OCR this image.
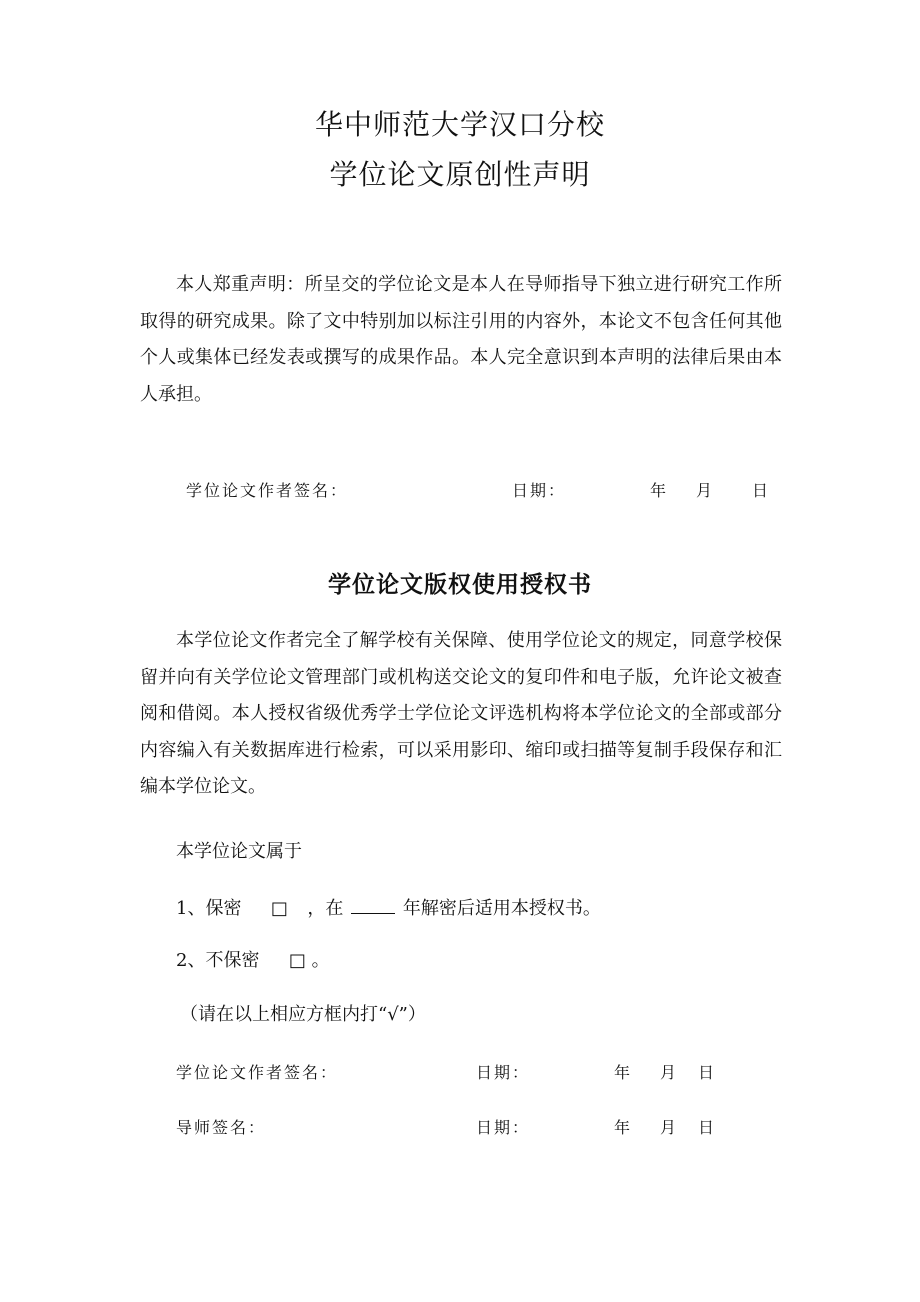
华中师范大学汉口分校
学位论文原创性声明
本人郑重声明：所呈交的学位论文是本人在导师指导下独立进行研究工作所取得的研究成果。除了文中特别加以标注引用的内容外，本论文不包含任何其他个人或集体已经发表或撰写的成果作品。本人完全意识到本声明的法律后果由本人承担。
学位论文作者签名：	日期：	年 月 日
学位论文版权使用授权书
本学位论文作者完全了解学校有关保障、使用学位论文的规定，同意学校保留并向有关学位论文管理部门或机构送交论文的复印件和电子版，允许论文被查阅和借阅。本人授权省级优秀学士学位论文评选机构将本学位论文的全部或部分内容编入有关数据库进行检索，可以采用影印、缩印或扫描等复制手段保存和汇编本学位论文。
本学位论文属于
1、保密 □ ，在	年解密后适用本授权书。
2、不保密 □ 。
（请在以上相应方框内打“√”）
学位论文作者签名：	日期：	年 月 日
导师签名：	日期：	年 月 日
